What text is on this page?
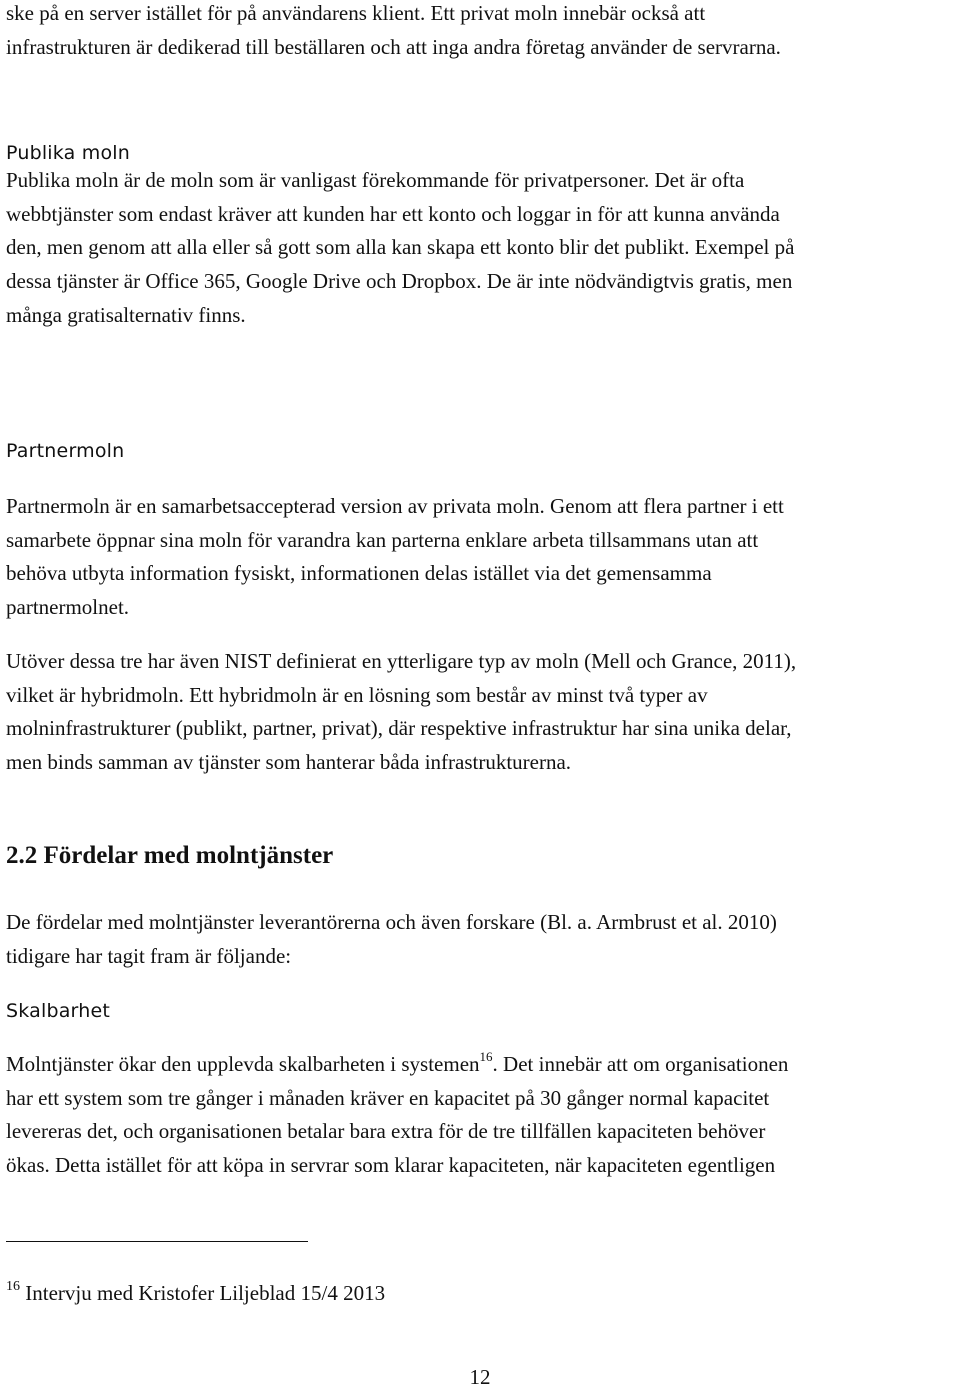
ske på en server istället för på användarens klient. Ett privat moln innebär också att
infrastrukturen är dedikerad till beställaren och att inga andra företag använder de servrarna.
Publika moln
Publika moln är de moln som är vanligast förekommande för privatpersoner. Det är ofta
webbtjänster som endast kräver att kunden har ett konto och loggar in för att kunna använda
den, men genom att alla eller så gott som alla kan skapa ett konto blir det publikt. Exempel på
dessa tjänster är Office 365, Google Drive och Dropbox. De är inte nödvändigtvis gratis, men
många gratisalternativ finns.
Partnermoln
Partnermoln är en samarbetsaccepterad version av privata moln. Genom att flera partner i ett
samarbete öppnar sina moln för varandra kan parterna enklare arbeta tillsammans utan att
behöva utbyta information fysiskt, informationen delas istället via det gemensamma
partnermolnet.
Utöver dessa tre har även NIST definierat en ytterligare typ av moln (Mell och Grance, 2011),
vilket är hybridmoln. Ett hybridmoln är en lösning som består av minst två typer av
molninfrastrukturer (publikt, partner, privat), där respektive infrastruktur har sina unika delar,
men binds samman av tjänster som hanterar båda infrastrukturerna.
2.2 Fördelar med molntjänster
De fördelar med molntjänster leverantörerna och även forskare (Bl. a. Armbrust et al. 2010)
tidigare har tagit fram är följande:
Skalbarhet
Molntjänster ökar den upplevda skalbarheten i systemen$^{16}$. Det innebär att om organisationen
har ett system som tre gånger i månaden kräver en kapacitet på 30 gånger normal kapacitet
levereras det, och organisationen betalar bara extra för de tre tillfällen kapaciteten behöver
ökas. Detta istället för att köpa in servrar som klarar kapaciteten, när kapaciteten egentligen
$^{16}$ Intervju med Kristofer Liljeblad 15/4 2013
12
